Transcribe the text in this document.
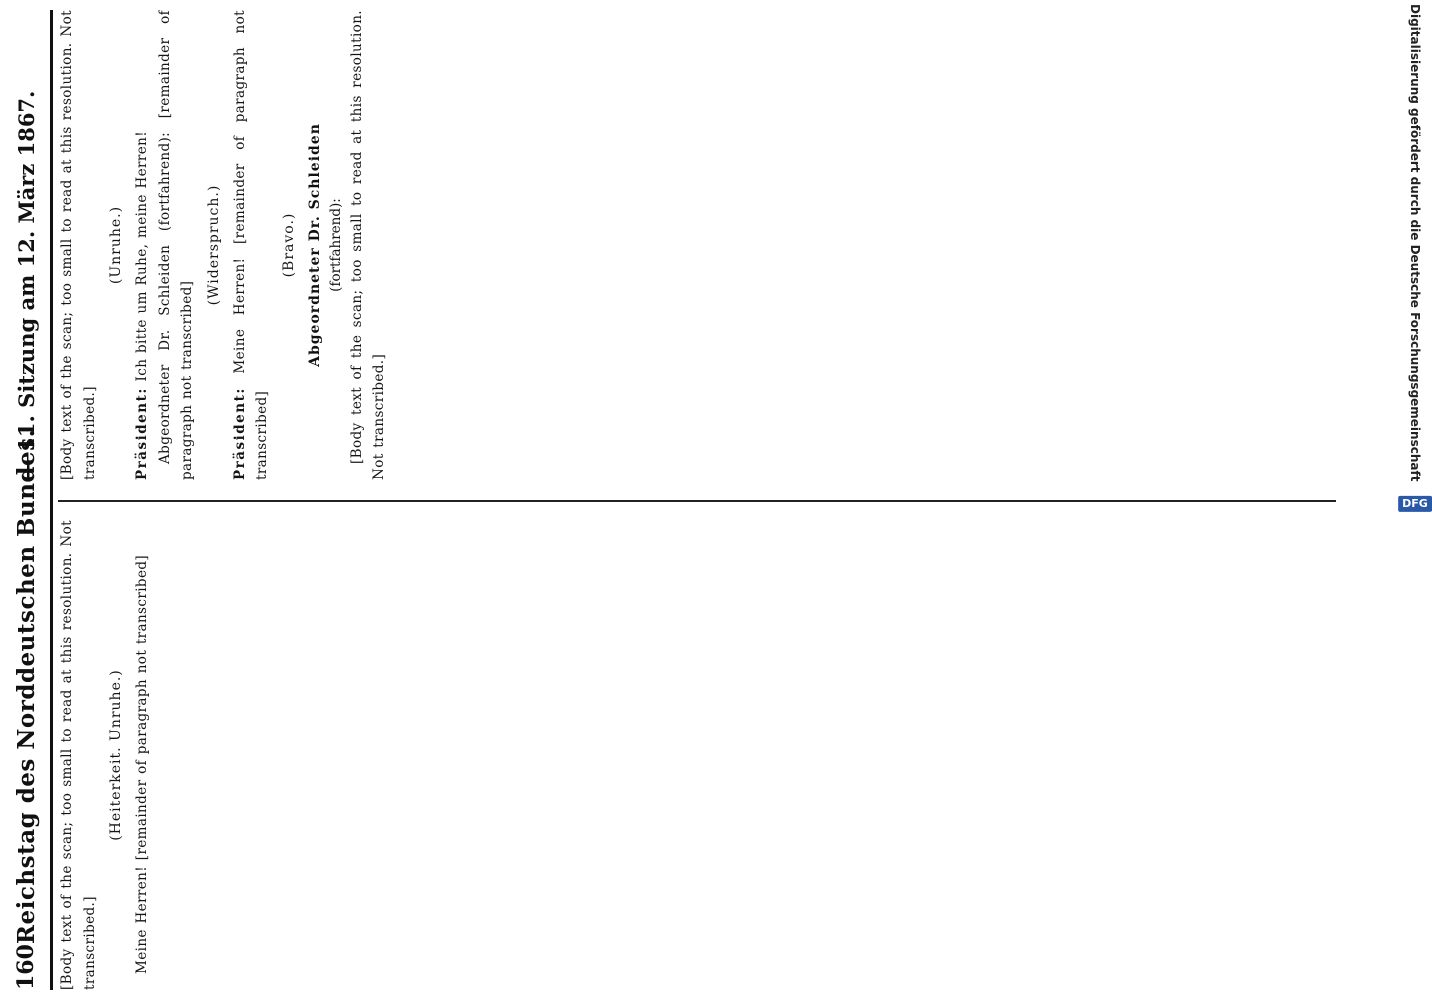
160
Reichstag des Norddeutschen Bundes.
— 11. Sitzung am 12. März 1867.
[Body text of the scan; too small to read at this resolution. Not transcribed.]
(Heiterkeit. Unruhe.) Meine Herren! [remainder of paragraph not transcribed]
[Body text of the scan; too small to read at this resolution. Not transcribed.]
(Unruhe.)
Präsident: Ich bitte um Ruhe, meine Herren! Abgeordneter Dr. Schleiden (fortfahrend): [remainder of paragraph not transcribed]
(Widerspruch.)
Präsident: Meine Herren! [remainder of paragraph not transcribed]
(Bravo.) Abgeordneter Dr. Schleiden (fortfahrend): [Body text of the scan; too small to read at this resolution. Not transcribed.]	Digitalisierung gefördert durch die Deutsche Forschungsgemeinschaft
DFG
